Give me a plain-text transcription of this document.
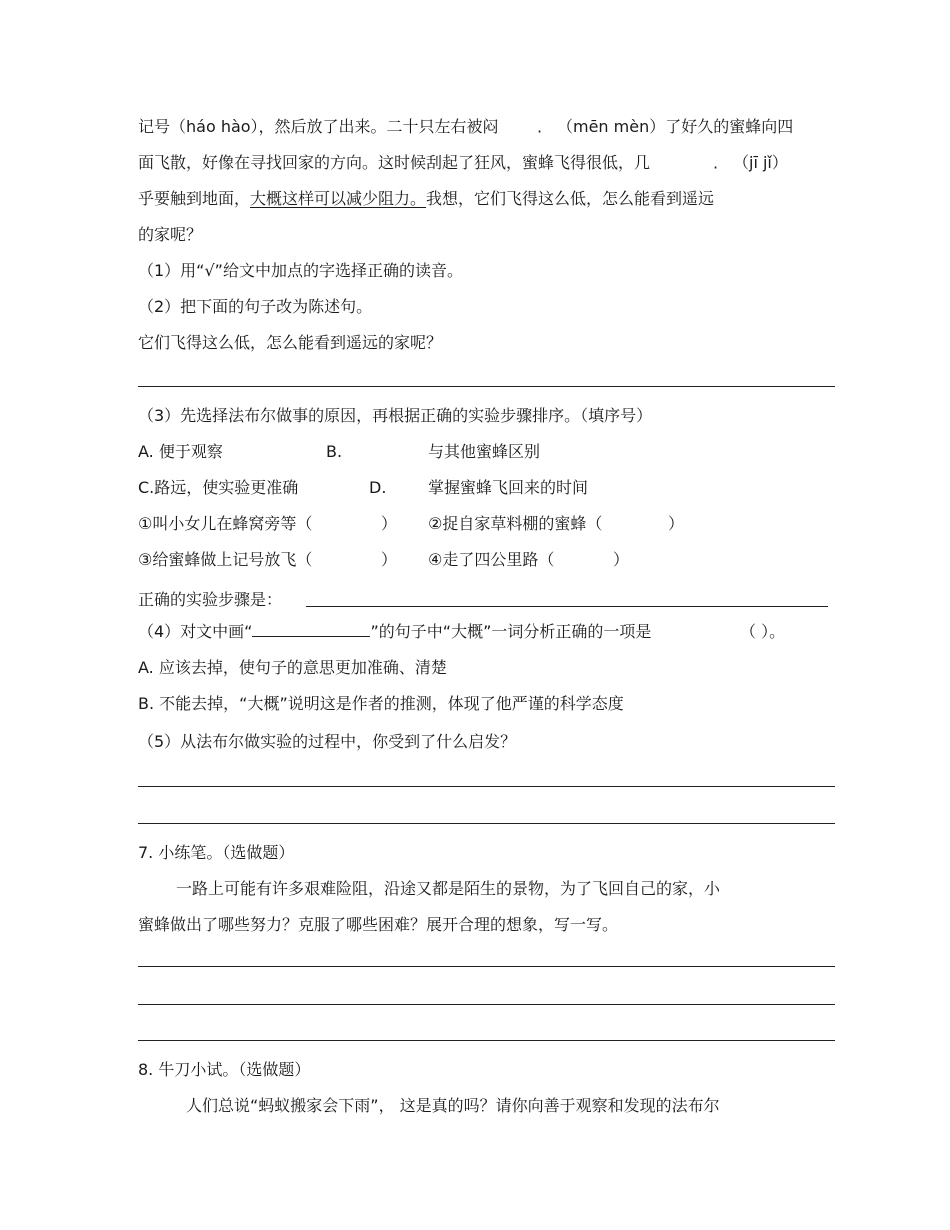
记号（háo hào），然后放了出来。二十只左右被闷	（mēn mèn）了好久的蜜蜂向四
·
面飞散，好像在寻找回家的方向。这时候刮起了狂风，蜜蜂飞得很低，几	（jī jǐ）
·
乎要触到地面，大概这样可以减少阻力。我想，它们飞得这么低，怎么能看到遥远
的家呢？
（1）用“√”给文中加点的字选择正确的读音。
（2）把下面的句子改为陈述句。
它们飞得这么低，怎么能看到遥远的家呢？
（3）先选择法布尔做事的原因，再根据正确的实验步骤排序。（填序号）
A. 便于观察	B.	与其他蜜蜂区别
C.路远，使实验更准确	D.	掌握蜜蜂飞回来的时间
①叫小女儿在蜂窝旁等（	） ②捉自家草料棚的蜜蜂（	）
③给蜜蜂做上记号放飞（	） ④走了四公里路（	）
正确的实验步骤是：
（4）对文中画“	”的句子中“大概”一词分析正确的一项是	（ ）。
A. 应该去掉，使句子的意思更加准确、清楚
B. 不能去掉，“大概”说明这是作者的推测，体现了他严谨的科学态度
（5）从法布尔做实验的过程中，你受到了什么启发？
7. 小练笔。（选做题）
一路上可能有许多艰难险阻，沿途又都是陌生的景物，为了飞回自己的家，小
蜜蜂做出了哪些努力？克服了哪些困难？展开合理的想象，写一写。
8. 牛刀小试。（选做题）
人们总说“蚂蚁搬家会下雨”， 这是真的吗？请你向善于观察和发现的法布尔
